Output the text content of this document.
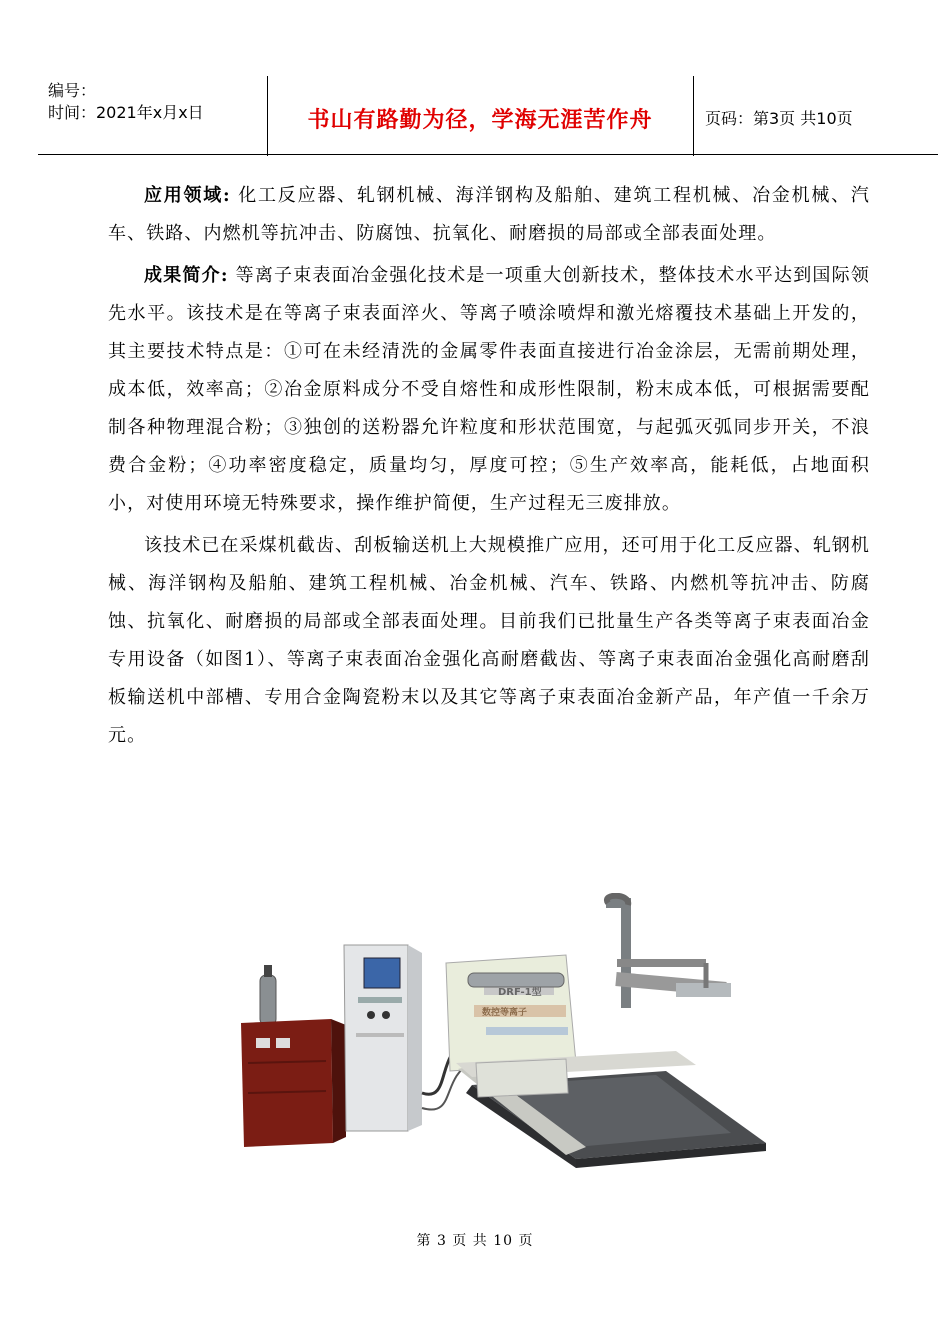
编号：
时间：2021年x月x日	书山有路勤为径，学海无涯苦作舟	页码：第3页 共10页

应用领域: 化工反应器、轧钢机械、海洋钢构及船舶、建筑工程机械、冶金机械、汽车、铁路、内燃机等抗冲击、防腐蚀、抗氧化、耐磨损的局部或全部表面处理。

成果简介: 等离子束表面冶金强化技术是一项重大创新技术，整体技术水平达到国际领先水平。该技术是在等离子束表面淬火、等离子喷涂喷焊和激光熔覆技术基础上开发的，其主要技术特点是：①可在未经清洗的金属零件表面直接进行冶金涂层，无需前期处理，成本低，效率高；②冶金原料成分不受自熔性和成形性限制，粉末成本低，可根据需要配制各种物理混合粉；③独创的送粉器允许粒度和形状范围宽，与起弧灭弧同步开关，不浪费合金粉；④功率密度稳定，质量均匀，厚度可控；⑤生产效率高，能耗低，占地面积小，对使用环境无特殊要求，操作维护简便，生产过程无三废排放。

该技术已在采煤机截齿、刮板输送机上大规模推广应用，还可用于化工反应器、轧钢机械、海洋钢构及船舶、建筑工程机械、冶金机械、汽车、铁路、内燃机等抗冲击、防腐蚀、抗氧化、耐磨损的局部或全部表面处理。目前我们已批量生产各类等离子束表面冶金专用设备（如图1）、等离子束表面冶金强化高耐磨截齿、等离子束表面冶金强化高耐磨刮板输送机中部槽、专用合金陶瓷粉末以及其它等离子束表面冶金新产品，年产值一千余万元。

DRF-1型
数控等离子
第 3 页 共 10 页
